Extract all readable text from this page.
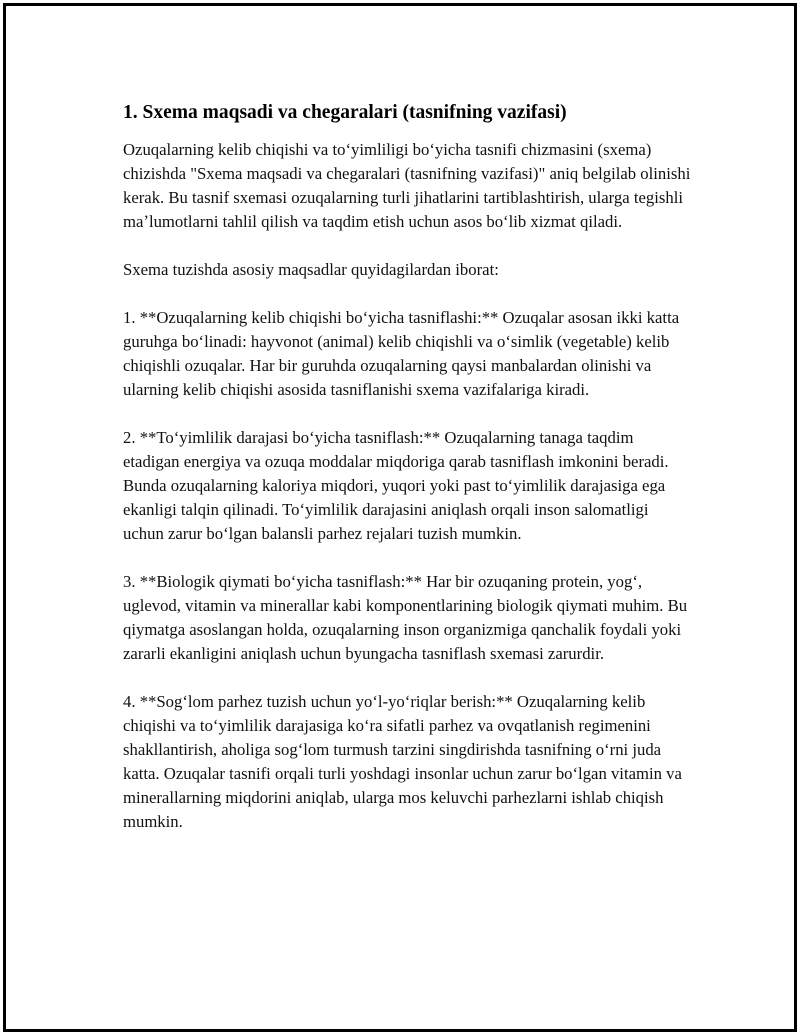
1. Sxema maqsadi va chegaralari (tasnifning vazifasi)

Ozuqalarning kelib chiqishi va toʻyimliligi boʻyicha tasnifi chizmasini (sxema) chizishda "Sxema maqsadi va chegaralari (tasnifning vazifasi)" aniq belgilab olinishi kerak. Bu tasnif sxemasi ozuqalarning turli jihatlarini tartiblashtirish, ularga tegishli maʼlumotlarni tahlil qilish va taqdim etish uchun asos boʻlib xizmat qiladi.

Sxema tuzishda asosiy maqsadlar quyidagilardan iborat:

1. **Ozuqalarning kelib chiqishi boʻyicha tasniflashi:** Ozuqalar asosan ikki katta guruhga boʻlinadi: hayvonot (animal) kelib chiqishli va oʻsimlik (vegetable) kelib chiqishli ozuqalar. Har bir guruhda ozuqalarning qaysi manbalardan olinishi va ularning kelib chiqishi asosida tasniflanishi sxema vazifalariga kiradi.

2. **Toʻyimlilik darajasi boʻyicha tasniflash:** Ozuqalarning tanaga taqdim etadigan energiya va ozuqa moddalar miqdoriga qarab tasniflash imkonini beradi. Bunda ozuqalarning kaloriya miqdori, yuqori yoki past toʻyimlilik darajasiga ega ekanligi talqin qilinadi. Toʻyimlilik darajasini aniqlash orqali inson salomatligi uchun zarur boʻlgan balansli parhez rejalari tuzish mumkin.

3. **Biologik qiymati boʻyicha tasniflash:** Har bir ozuqaning protein, yogʻ, uglevod, vitamin va minerallar kabi komponentlarining biologik qiymati muhim. Bu qiymatga asoslangan holda, ozuqalarning inson organizmiga qanchalik foydali yoki zararli ekanligini aniqlash uchun byungacha tasniflash sxemasi zarurdir.

4. **Sogʻlom parhez tuzish uchun yoʻl-yoʻriqlar berish:** Ozuqalarning kelib chiqishi va toʻyimlilik darajasiga koʻra sifatli parhez va ovqatlanish regimenini shakllantirish, aholiga sogʻlom turmush tarzini singdirishda tasnifning oʻrni juda katta. Ozuqalar tasnifi orqali turli yoshdagi insonlar uchun zarur boʻlgan vitamin va minerallarning miqdorini aniqlab, ularga mos keluvchi parhezlarni ishlab chiqish mumkin.
